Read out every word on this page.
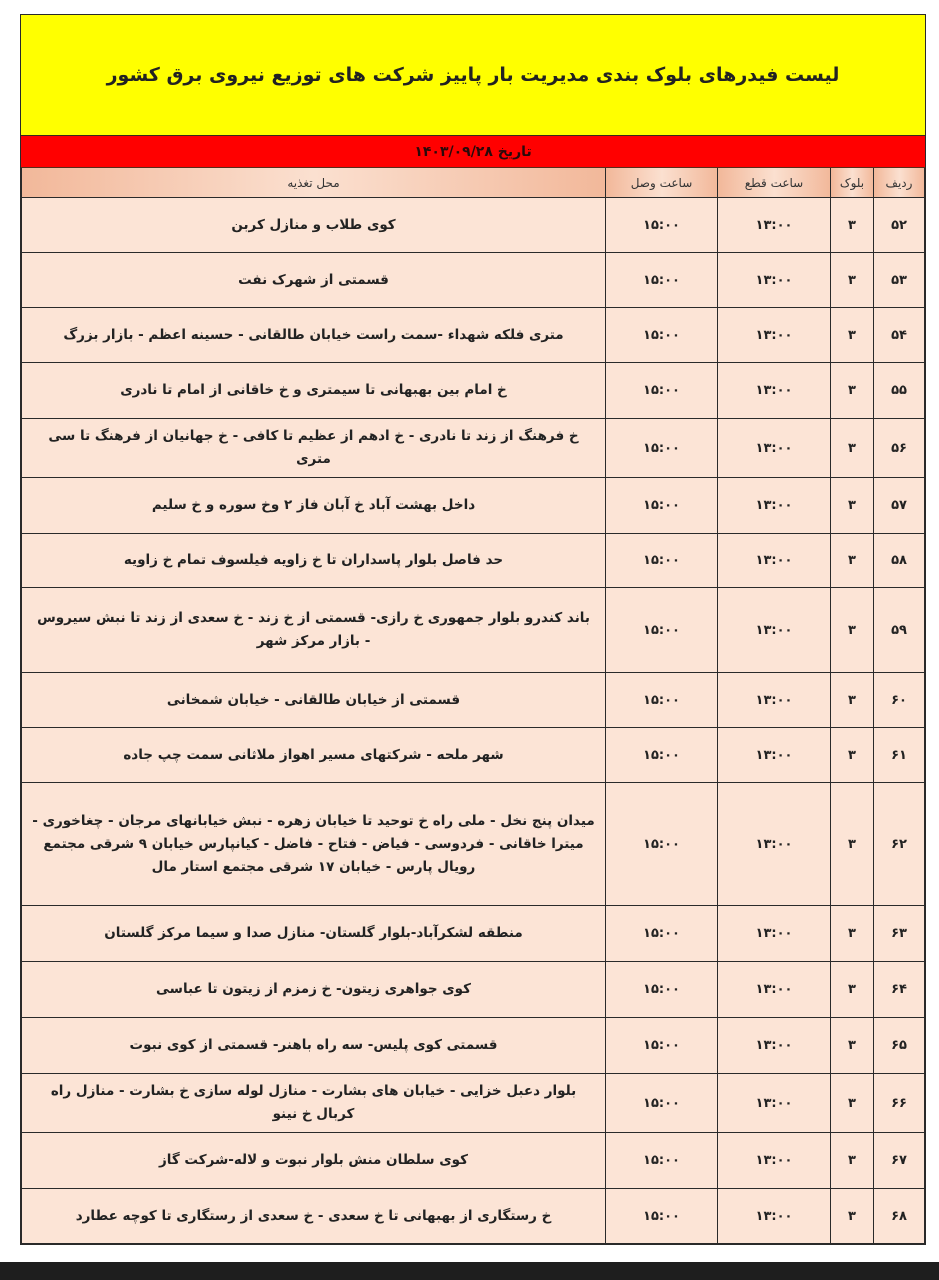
لیست فیدرهای بلوک بندی مدیریت بار پاییز شرکت های توزیع نیروی برق کشور
تاریخ ۱۴۰۳/۰۹/۲۸
ردیف	بلوک	ساعت قطع	ساعت وصل	محل تغذیه
۵۲	۳	۱۳:۰۰	۱۵:۰۰	کوی طلاب و منازل کربن
۵۳	۳	۱۳:۰۰	۱۵:۰۰	قسمتی از شهرک نفت
۵۴	۳	۱۳:۰۰	۱۵:۰۰	متری فلکه شهداء -سمت راست خیابان طالقانی - حسینه اعظم - بازار بزرگ
۵۵	۳	۱۳:۰۰	۱۵:۰۰	خ امام بین بهبهانی تا سیمتری و خ خاقانی از امام تا نادری
۵۶	۳	۱۳:۰۰	۱۵:۰۰	خ فرهنگ از زند تا نادری - خ ادهم از عظیم تا کافی - خ جهانیان از فرهنگ تا سی متری
۵۷	۳	۱۳:۰۰	۱۵:۰۰	داخل بهشت آباد خ آبان فاز ۲ وخ سوره و خ سلیم
۵۸	۳	۱۳:۰۰	۱۵:۰۰	حد فاصل بلوار پاسداران تا خ زاویه فیلسوف تمام خ زاویه
۵۹	۳	۱۳:۰۰	۱۵:۰۰	باند کندرو بلوار جمهوری خ رازی- قسمتی از خ زند - خ سعدی از زند تا نبش سیروس - بازار مرکز شهر
۶۰	۳	۱۳:۰۰	۱۵:۰۰	قسمتی از خیابان طالقانی - خیابان شمخانی
۶۱	۳	۱۳:۰۰	۱۵:۰۰	شهر ملحه - شرکتهای مسیر اهواز ملاثانی سمت چپ جاده
۶۲	۳	۱۳:۰۰	۱۵:۰۰	میدان پنج نخل - ملی راه خ توحید تا خیابان زهره - نبش خیابانهای مرجان - چغاخوری - میترا خاقانی - فردوسی - فیاض - فتاح - فاضل - کیانپارس خیابان ۹ شرقی مجتمع رویال پارس - خیابان ۱۷ شرقی مجتمع استار مال
۶۳	۳	۱۳:۰۰	۱۵:۰۰	منطقه لشکرآباد-بلوار گلستان- منازل صدا و سیما مرکز گلستان
۶۴	۳	۱۳:۰۰	۱۵:۰۰	کوی جواهری زیتون- خ زمزم از زیتون تا عباسی
۶۵	۳	۱۳:۰۰	۱۵:۰۰	قسمتی کوی پلیس- سه راه باهنر- قسمتی از کوی نبوت
۶۶	۳	۱۳:۰۰	۱۵:۰۰	بلوار دعبل خزایی - خیابان های بشارت - منازل لوله سازی خ بشارت - منازل راه کربال خ نینو
۶۷	۳	۱۳:۰۰	۱۵:۰۰	کوی سلطان منش بلوار نبوت و لاله-شرکت گاز
۶۸	۳	۱۳:۰۰	۱۵:۰۰	خ رستگاری از بهبهانی تا خ سعدی - خ سعدی از رستگاری تا کوچه عطارد
